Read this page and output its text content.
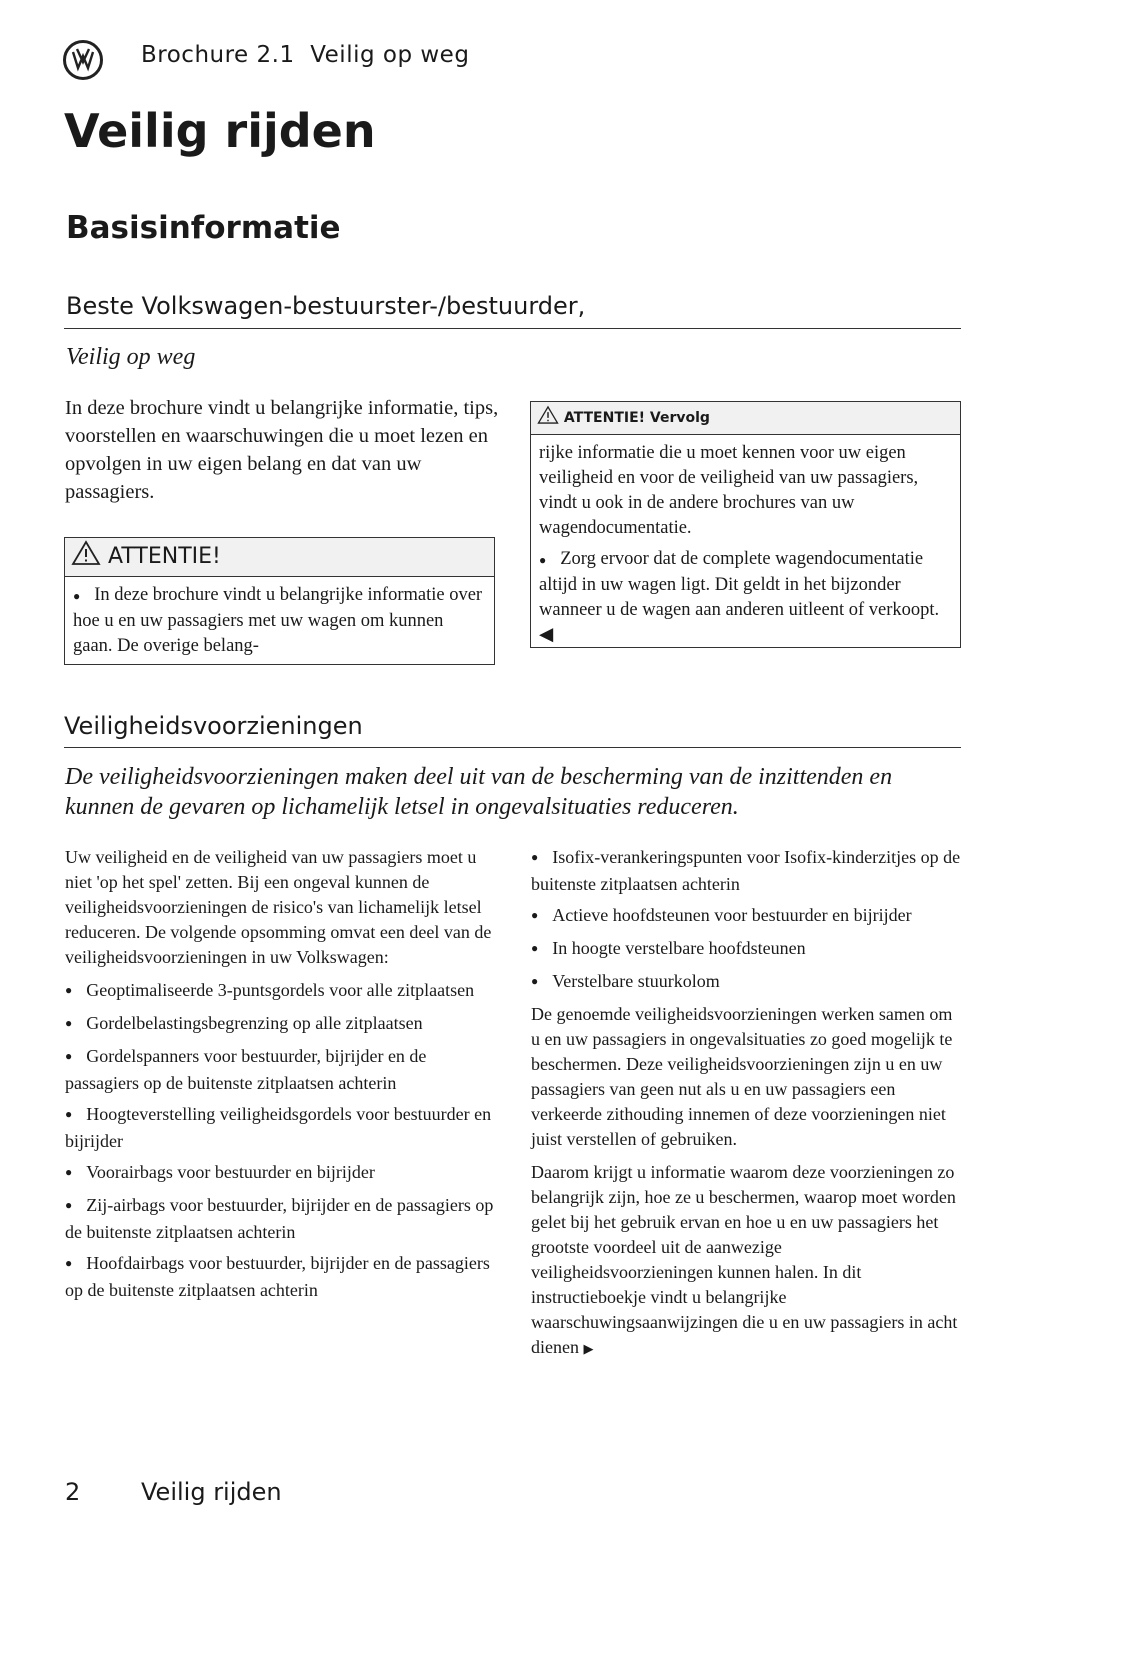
Brochure 2.1  Veilig op weg
Veilig rijden
Basisinformatie
Beste Volkswagen-bestuurster-/bestuurder,
Veilig op weg
In deze brochure vindt u belangrijke informatie, tips, voorstellen en waarschuwingen die u moet lezen en opvolgen in uw eigen belang en dat van uw passagiers.
ATTENTIE!
● In deze brochure vindt u belangrijke informatie over hoe u en uw passagiers met uw wagen om kunnen gaan. De overige belang-
ATTENTIE! Vervolg
rijke informatie die u moet kennen voor uw eigen veiligheid en voor de veiligheid van uw passagiers, vindt u ook in de andere brochures van uw wagendocumentatie.
● Zorg ervoor dat de complete wagendocumentatie altijd in uw wagen ligt. Dit geldt in het bijzonder wanneer u de wagen aan anderen uitleent of verkoopt. ◀
Veiligheidsvoorzieningen
De veiligheidsvoorzieningen maken deel uit van de bescherming van de inzittenden en kunnen de gevaren op lichamelijk letsel in ongevalsituaties reduceren.

Uw veiligheid en de veiligheid van uw passagiers moet u niet 'op het spel' zetten. Bij een ongeval kunnen de veiligheidsvoorzieningen de risico's van lichamelijk letsel reduceren. De volgende opsomming omvat een deel van de veiligheidsvoorzieningen in uw Volkswagen:

● Geoptimaliseerde 3-puntsgordels voor alle zitplaatsen
● Gordelbelastingsbegrenzing op alle zitplaatsen
● Gordelspanners voor bestuurder, bijrijder en de passagiers op de buitenste zitplaatsen achterin
● Hoogteverstelling veiligheidsgordels voor bestuurder en bijrijder
● Voorairbags voor bestuurder en bijrijder
● Zij-airbags voor bestuurder, bijrijder en de passagiers op de buitenste zitplaatsen achterin
● Hoofdairbags voor bestuurder, bijrijder en de passagiers op de buitenste zitplaatsen achterin
● Isofix-verankeringspunten voor Isofix-kinderzitjes op de buitenste zitplaatsen achterin
● Actieve hoofdsteunen voor bestuurder en bijrijder
● In hoogte verstelbare hoofdsteunen
● Verstelbare stuurkolom

De genoemde veiligheidsvoorzieningen werken samen om u en uw passagiers in ongevalsituaties zo goed mogelijk te beschermen. Deze veiligheidsvoorzieningen zijn u en uw passagiers van geen nut als u en uw passagiers een verkeerde zithouding innemen of deze voorzieningen niet juist verstellen of gebruiken.

Daarom krijgt u informatie waarom deze voorzieningen zo belangrijk zijn, hoe ze u beschermen, waarop moet worden gelet bij het gebruik ervan en hoe u en uw passagiers het grootste voordeel uit de aanwezige veiligheidsvoorzieningen kunnen halen. In dit instructieboekje vindt u belangrijke waarschuwingsaanwijzingen die u en uw passagiers in acht dienen ▶

2	Veilig rijden
